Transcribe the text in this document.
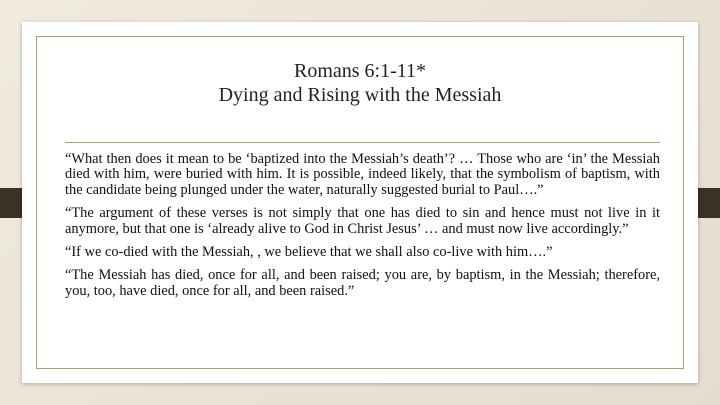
Romans 6:1-11*
Dying and Rising with the Messiah

“What then does it mean to be ‘baptized into the Messiah’s death’? … Those who are ‘in’ the Messiah died with him, were buried with him. It is possible, indeed likely, that the symbolism of baptism, with the candidate being plunged under the water, naturally suggested burial to Paul….”

“The argument of these verses is not simply that one has died to sin and hence must not live in it anymore, but that one is ‘already alive to God in Christ Jesus’ … and must now live accordingly.”

“If we co-died with the Messiah, , we believe that we shall also co-live with him….”

“The Messiah has died, once for all, and been raised; you are, by baptism, in the Messiah; therefore, you, too, have died, once for all, and been raised.”
